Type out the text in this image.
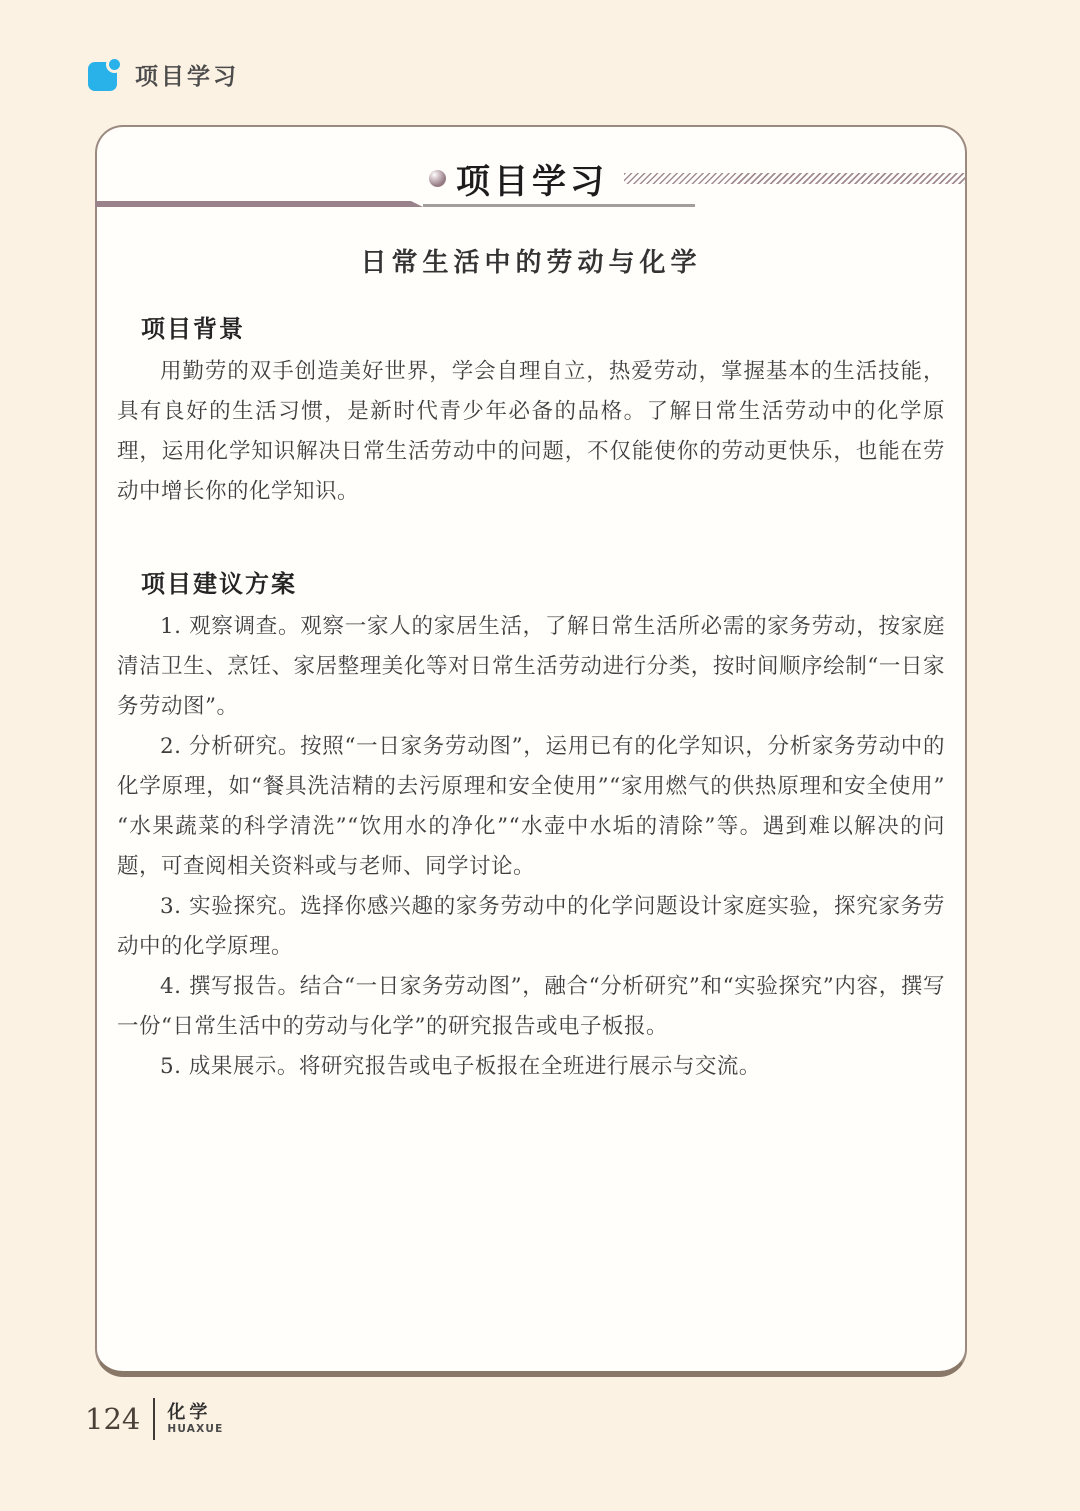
项目学习
项目学习
日常生活中的劳动与化学
项目背景

用勤劳的双手创造美好世界，学会自理自立，热爱劳动，掌握基本的生活技能，具有良好的生活习惯，是新时代青少年必备的品格。了解日常生活劳动中的化学原理，运用化学知识解决日常生活劳动中的问题，不仅能使你的劳动更快乐，也能在劳动中增长你的化学知识。

项目建议方案

1. 观察调查。观察一家人的家居生活，了解日常生活所必需的家务劳动，按家庭清洁卫生、烹饪、家居整理美化等对日常生活劳动进行分类，按时间顺序绘制“一日家务劳动图”。

2. 分析研究。按照“一日家务劳动图”，运用已有的化学知识，分析家务劳动中的化学原理，如“餐具洗洁精的去污原理和安全使用”“家用燃气的供热原理和安全使用”“水果蔬菜的科学清洗”“饮用水的净化”“水壶中水垢的清除”等。遇到难以解决的问题，可查阅相关资料或与老师、同学讨论。

3. 实验探究。选择你感兴趣的家务劳动中的化学问题设计家庭实验，探究家务劳动中的化学原理。

4. 撰写报告。结合“一日家务劳动图”，融合“分析研究”和“实验探究”内容，撰写一份“日常生活中的劳动与化学”的研究报告或电子板报。

5. 成果展示。将研究报告或电子板报在全班进行展示与交流。

124 化学
HUAXUE
